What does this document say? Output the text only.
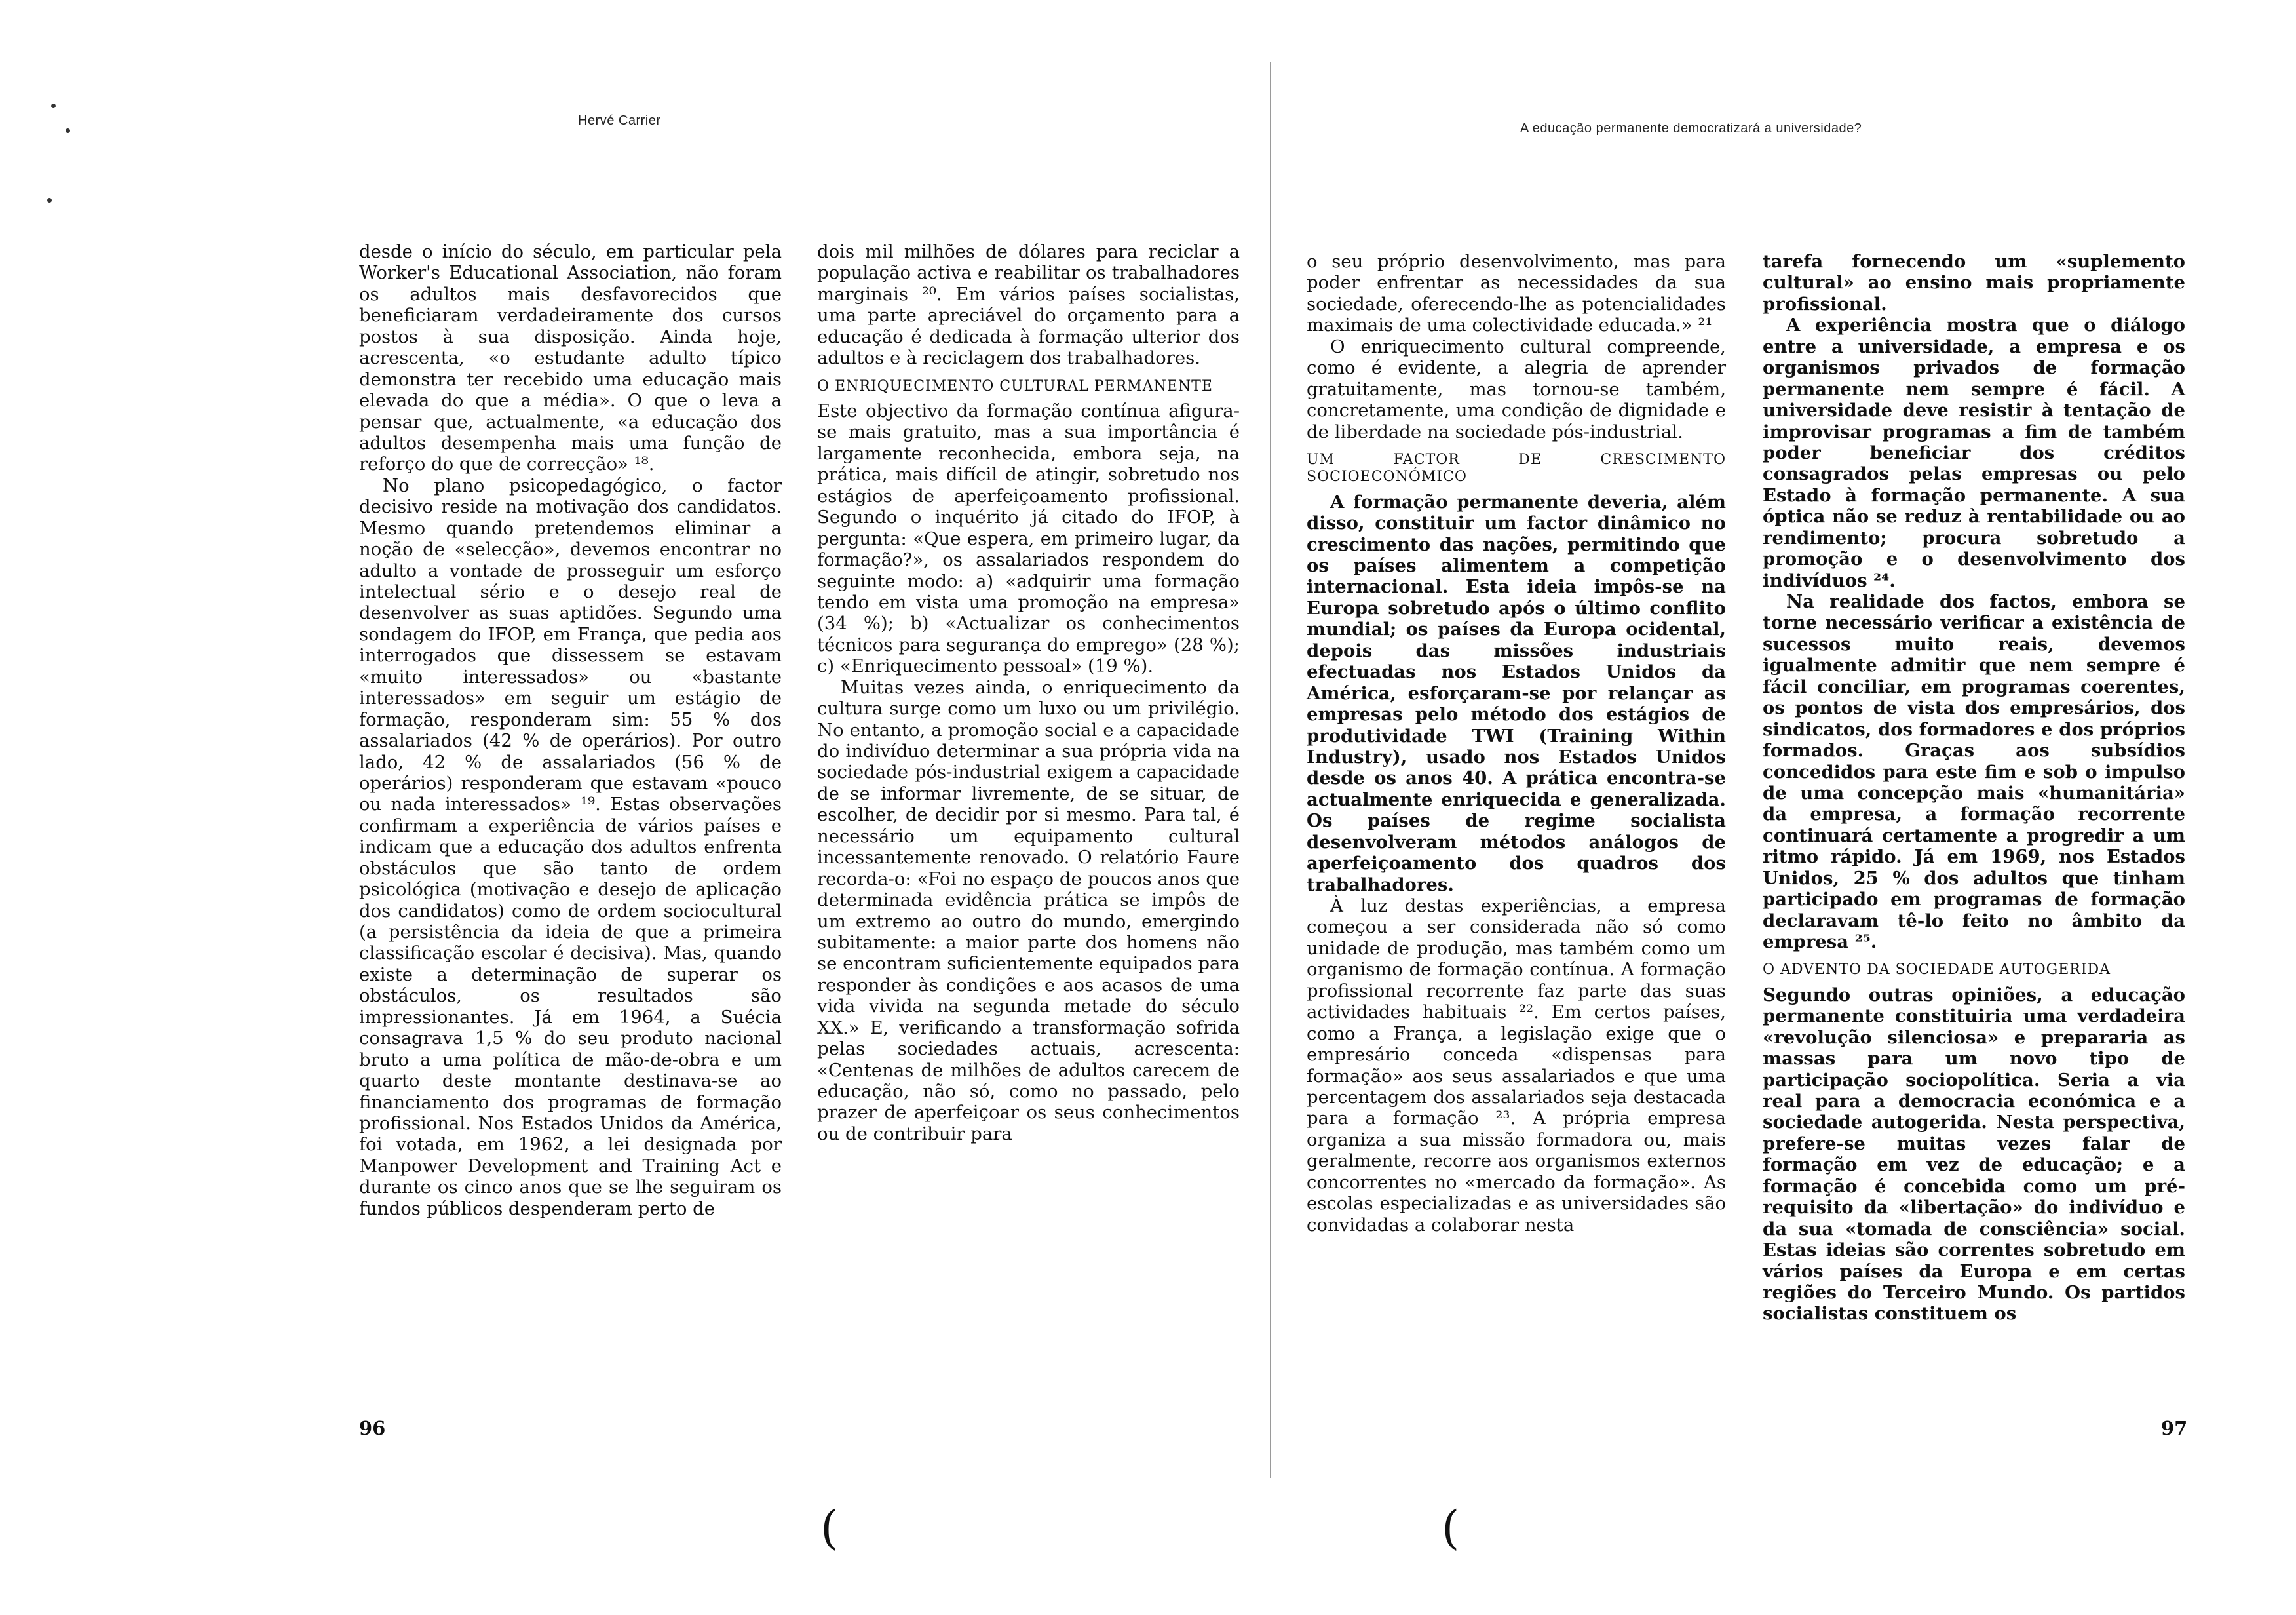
Hervé Carrier
A educação permanente democratizará a universidade?

desde o início do século, em particular pela Worker's Educational Association, não foram os adultos mais desfavorecidos que beneficiaram verdadeiramente dos cursos postos à sua disposição. Ainda hoje, acrescenta, «o estudante adulto típico demonstra ter recebido uma educação mais elevada do que a média». O que o leva a pensar que, actualmente, «a educação dos adultos desempenha mais uma função de reforço do que de correcção» ¹⁸.

No plano psicopedagógico, o factor decisivo reside na motivação dos candidatos. Mesmo quando pretendemos eliminar a noção de «selecção», devemos encontrar no adulto a vontade de prosseguir um esforço intelectual sério e o desejo real de desenvolver as suas aptidões. Segundo uma sondagem do IFOP, em França, que pedia aos interrogados que dissessem se estavam «muito interessados» ou «bastante interessados» em seguir um estágio de formação, responderam sim: 55 % dos assalariados (42 % de operários). Por outro lado, 42 % de assalariados (56 % de operários) responderam que estavam «pouco ou nada interessados» ¹⁹. Estas observações confirmam a experiência de vários países e indicam que a educação dos adultos enfrenta obstáculos que são tanto de ordem psicológica (motivação e desejo de aplicação dos candidatos) como de ordem sociocultural (a persistência da ideia de que a primeira classificação escolar é decisiva). Mas, quando existe a determinação de superar os obstáculos, os resultados são impressionantes. Já em 1964, a Suécia consagrava 1,5 % do seu produto nacional bruto a uma política de mão-de-obra e um quarto deste montante destinava-se ao financiamento dos programas de formação profissional. Nos Estados Unidos da América, foi votada, em 1962, a lei designada por Manpower Development and Training Act e durante os cinco anos que se lhe seguiram os fundos públicos despenderam perto de

dois mil milhões de dólares para reciclar a população activa e reabilitar os trabalhadores marginais ²⁰. Em vários países socialistas, uma parte apreciável do orçamento para a educação é dedicada à formação ulterior dos adultos e à reciclagem dos trabalhadores.

O ENRIQUECIMENTO CULTURAL PERMANENTE

Este objectivo da formação contínua afigura-se mais gratuito, mas a sua importância é largamente reconhecida, embora seja, na prática, mais difícil de atingir, sobretudo nos estágios de aperfeiçoamento profissional. Segundo o inquérito já citado do IFOP, à pergunta: «Que espera, em primeiro lugar, da formação?», os assalariados respondem do seguinte modo: a) «adquirir uma formação tendo em vista uma promoção na empresa» (34 %); b) «Actualizar os conhecimentos técnicos para segurança do emprego» (28 %); c) «Enriquecimento pessoal» (19 %).

Muitas vezes ainda, o enriquecimento da cultura surge como um luxo ou um privilégio. No entanto, a promoção social e a capacidade do indivíduo determinar a sua própria vida na sociedade pós-industrial exigem a capacidade de se informar livremente, de se situar, de escolher, de decidir por si mesmo. Para tal, é necessário um equipamento cultural incessantemente renovado. O relatório Faure recorda-o: «Foi no espaço de poucos anos que determinada evidência prática se impôs de um extremo ao outro do mundo, emergindo subitamente: a maior parte dos homens não se encontram suficientemente equipados para responder às condições e aos acasos de uma vida vivida na segunda metade do século XX.» E, verificando a transformação sofrida pelas sociedades actuais, acrescenta: «Centenas de milhões de adultos carecem de educação, não só, como no passado, pelo prazer de aperfeiçoar os seus conhecimentos ou de contribuir para

96

o seu próprio desenvolvimento, mas para poder enfrentar as necessidades da sua sociedade, oferecendo-lhe as potencialidades maximais de uma colectividade educada.» ²¹

O enriquecimento cultural compreende, como é evidente, a alegria de aprender gratuitamente, mas tornou-se também, concretamente, uma condição de dignidade e de liberdade na sociedade pós-industrial.

UM FACTOR DE CRESCIMENTO SOCIOECONÓMICO

A formação permanente deveria, além disso, constituir um factor dinâmico no crescimento das nações, permitindo que os países alimentem a competição internacional. Esta ideia impôs-se na Europa sobretudo após o último conflito mundial; os países da Europa ocidental, depois das missões industriais efectuadas nos Estados Unidos da América, esforçaram-se por relançar as empresas pelo método dos estágios de produtividade TWI (Training Within Industry), usado nos Estados Unidos desde os anos 40. A prática encontra-se actualmente enriquecida e generalizada. Os países de regime socialista desenvolveram métodos análogos de aperfeiçoamento dos quadros dos trabalhadores.

À luz destas experiências, a empresa começou a ser considerada não só como unidade de produção, mas também como um organismo de formação contínua. A formação profissional recorrente faz parte das suas actividades habituais ²². Em certos países, como a França, a legislação exige que o empresário conceda «dispensas para formação» aos seus assalariados e que uma percentagem dos assalariados seja destacada para a formação ²³. A própria empresa organiza a sua missão formadora ou, mais geralmente, recorre aos organismos externos concorrentes no «mercado da formação». As escolas especializadas e as universidades são convidadas a colaborar nesta

tarefa fornecendo um «suplemento cultural» ao ensino mais propriamente profissional.

A experiência mostra que o diálogo entre a universidade, a empresa e os organismos privados de formação permanente nem sempre é fácil. A universidade deve resistir à tentação de improvisar programas a fim de também poder beneficiar dos créditos consagrados pelas empresas ou pelo Estado à formação permanente. A sua óptica não se reduz à rentabilidade ou ao rendimento; procura sobretudo a promoção e o desenvolvimento dos indivíduos ²⁴.

Na realidade dos factos, embora se torne necessário verificar a existência de sucessos muito reais, devemos igualmente admitir que nem sempre é fácil conciliar, em programas coerentes, os pontos de vista dos empresários, dos sindicatos, dos formadores e dos próprios formados. Graças aos subsídios concedidos para este fim e sob o impulso de uma concepção mais «humanitária» da empresa, a formação recorrente continuará certamente a progredir a um ritmo rápido. Já em 1969, nos Estados Unidos, 25 % dos adultos que tinham participado em programas de formação declaravam tê-lo feito no âmbito da empresa ²⁵.

O ADVENTO DA SOCIEDADE AUTOGERIDA

Segundo outras opiniões, a educação permanente constituiria uma verdadeira «revolução silenciosa» e prepararia as massas para um novo tipo de participação sociopolítica. Seria a via real para a democracia económica e a sociedade autogerida. Nesta perspectiva, prefere-se muitas vezes falar de formação em vez de educação; e a formação é concebida como um pré-requisito da «libertação» do indivíduo e da sua «tomada de consciência» social. Estas ideias são correntes sobretudo em vários países da Europa e em certas regiões do Terceiro Mundo. Os partidos socialistas constituem os

97
(	(
